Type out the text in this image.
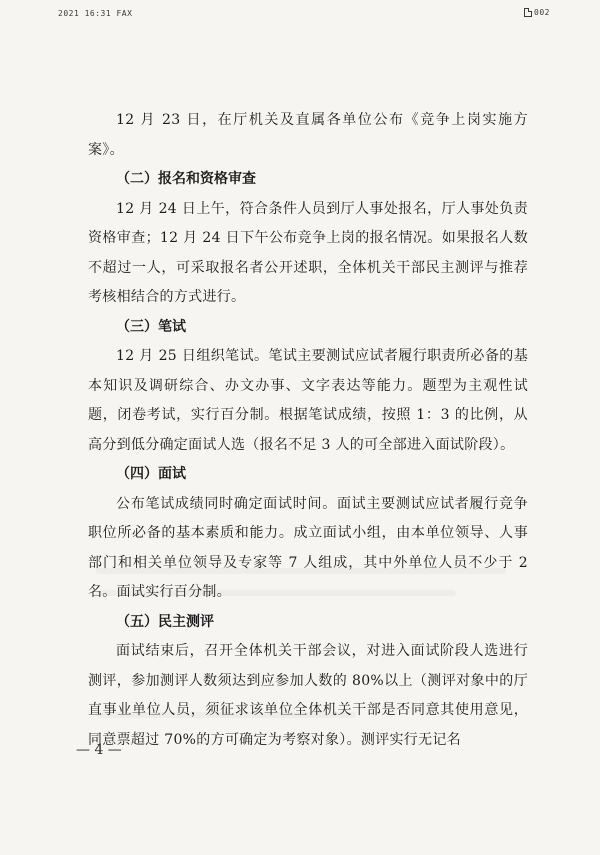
2021 16:31 FAX	002

12 月 23 日，在厅机关及直属各单位公布《竞争上岗实施方案》。

（二）报名和资格审查

12 月 24 日上午，符合条件人员到厅人事处报名，厅人事处负责资格审查；12 月 24 日下午公布竞争上岗的报名情况。如果报名人数不超过一人，可采取报名者公开述职，全体机关干部民主测评与推荐考核相结合的方式进行。

（三）笔试

12 月 25 日组织笔试。笔试主要测试应试者履行职责所必备的基本知识及调研综合、办文办事、文字表达等能力。题型为主观性试题，闭卷考试，实行百分制。根据笔试成绩，按照 1：3 的比例，从高分到低分确定面试人选（报名不足 3 人的可全部进入面试阶段）。

（四）面试

公布笔试成绩同时确定面试时间。面试主要测试应试者履行竞争职位所必备的基本素质和能力。成立面试小组，由本单位领导、人事部门和相关单位领导及专家等 7 人组成，其中外单位人员不少于 2 名。面试实行百分制。

（五）民主测评

面试结束后，召开全体机关干部会议，对进入面试阶段人选进行测评，参加测评人数须达到应参加人数的 80%以上（测评对象中的厅直事业单位人员，须征求该单位全体机关干部是否同意其使用意见，同意票超过 70%的方可确定为考察对象）。测评实行无记名

— 4 —
